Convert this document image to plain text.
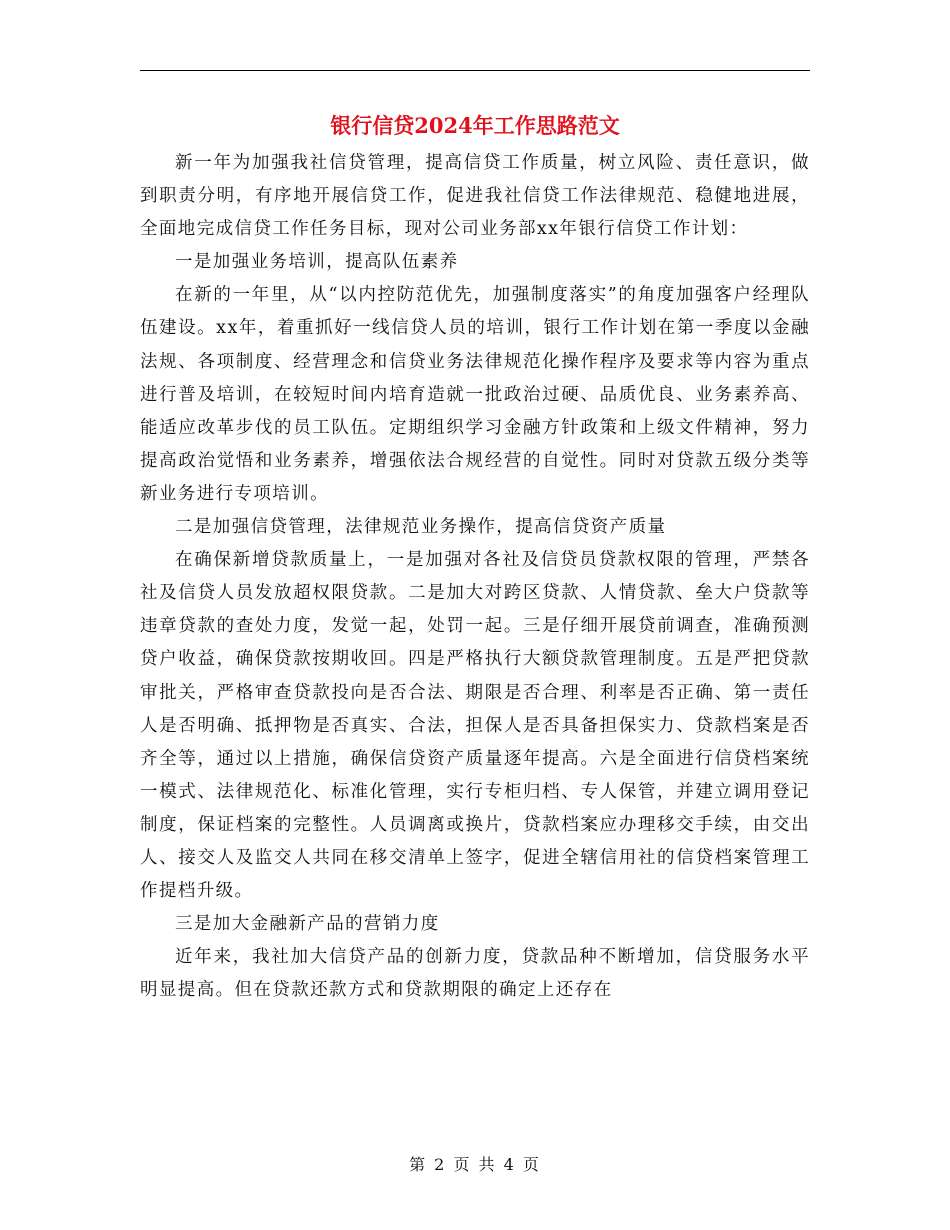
银行信贷2024年工作思路范文

新一年为加强我社信贷管理，提高信贷工作质量，树立风险、责任意识，做到职责分明，有序地开展信贷工作，促进我社信贷工作法律规范、稳健地进展，全面地完成信贷工作任务目标，现对公司业务部xx年银行信贷工作计划：

一是加强业务培训，提高队伍素养

在新的一年里，从“以内控防范优先，加强制度落实”的角度加强客户经理队伍建设。xx年，着重抓好一线信贷人员的培训，银行工作计划在第一季度以金融法规、各项制度、经营理念和信贷业务法律规范化操作程序及要求等内容为重点进行普及培训，在较短时间内培育造就一批政治过硬、品质优良、业务素养高、能适应改革步伐的员工队伍。定期组织学习金融方针政策和上级文件精神，努力提高政治觉悟和业务素养，增强依法合规经营的自觉性。同时对贷款五级分类等新业务进行专项培训。

二是加强信贷管理，法律规范业务操作，提高信贷资产质量

在确保新增贷款质量上，一是加强对各社及信贷员贷款权限的管理，严禁各社及信贷人员发放超权限贷款。二是加大对跨区贷款、人情贷款、垒大户贷款等违章贷款的查处力度，发觉一起，处罚一起。三是仔细开展贷前调查，准确预测贷户收益，确保贷款按期收回。四是严格执行大额贷款管理制度。五是严把贷款审批关，严格审查贷款投向是否合法、期限是否合理、利率是否正确、第一责任人是否明确、抵押物是否真实、合法，担保人是否具备担保实力、贷款档案是否齐全等，通过以上措施，确保信贷资产质量逐年提高。六是全面进行信贷档案统一模式、法律规范化、标准化管理，实行专柜归档、专人保管，并建立调用登记制度，保证档案的完整性。人员调离或换片，贷款档案应办理移交手续，由交出人、接交人及监交人共同在移交清单上签字，促进全辖信用社的信贷档案管理工作提档升级。

三是加大金融新产品的营销力度

近年来，我社加大信贷产品的创新力度，贷款品种不断增加，信贷服务水平明显提高。但在贷款还款方式和贷款期限的确定上还存在

第 2 页 共 4 页
